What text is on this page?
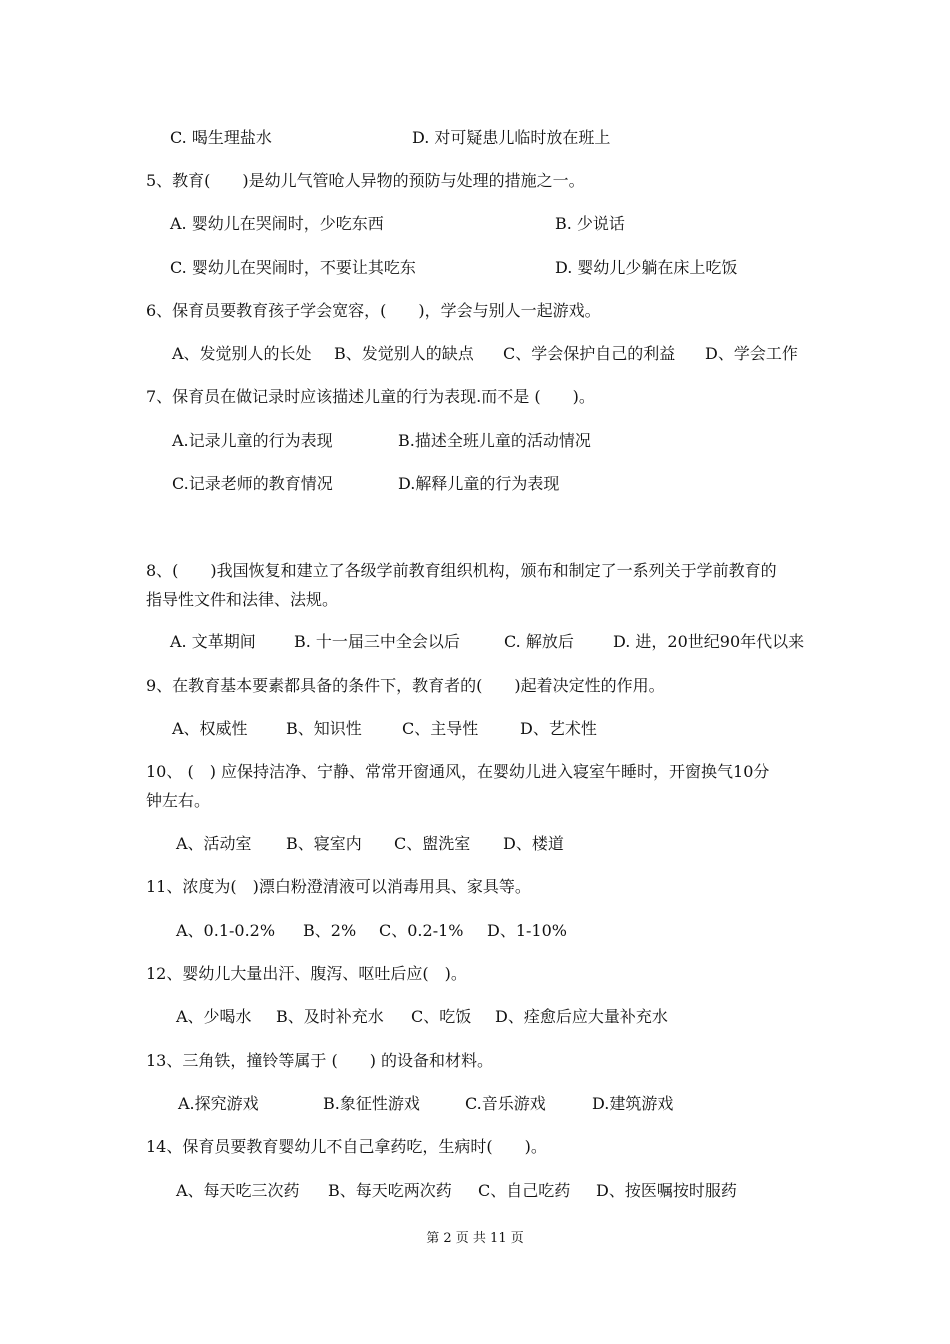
C. 喝生理盐水	D. 对可疑患儿临时放在班上
5、教育(　　)是幼儿气管呛人异物的预防与处理的措施之一。
A. 婴幼儿在哭闹时，少吃东西	B. 少说话
C. 婴幼儿在哭闹时，不要让其吃东	D. 婴幼儿少躺在床上吃饭
6、保育员要教育孩子学会宽容，(　　)，学会与别人一起游戏。
A、发觉别人的长处 B、发觉别人的缺点 C、学会保护自己的利益 D、学会工作
7、保育员在做记录时应该描述儿童的行为表现.而不是 (　　)。
A.记录儿童的行为表现	B.描述全班儿童的活动情况
C.记录老师的教育情况	D.解释儿童的行为表现
8、(　　)我国恢复和建立了各级学前教育组织机构，颁布和制定了一系列关于学前教育的
指导性文件和法律、法规。
A. 文革期间 B. 十一届三中全会以后	C. 解放后 D. 进，20世纪90年代以来
9、在教育基本要素都具备的条件下，教育者的(　　)起着决定性的作用。
A、权威性 B、知识性	C、主导性	D、艺术性
10、 (　) 应保持洁净、宁静、常常开窗通风，在婴幼儿进入寝室午睡时，开窗换气10分
钟左右。
A、活动室 B、寝室内 C、盥洗室 D、楼道
11、浓度为(　)漂白粉澄清液可以消毒用具、家具等。
A、0.1-0.2% B、2% C、0.2-1% D、1-10%
12、婴幼儿大量出汗、腹泻、呕吐后应(　)。
A、少喝水 B、及时补充水 C、吃饭 D、痊愈后应大量补充水
13、三角铁，撞铃等属于 (　　) 的设备和材料。
A.探究游戏	B.象征性游戏	C.音乐游戏	D.建筑游戏
14、保育员要教育婴幼儿不自己拿药吃，生病时(　　)。
A、每天吃三次药 B、每天吃两次药 C、自己吃药 D、按医嘱按时服药
第 2 页 共 11 页
